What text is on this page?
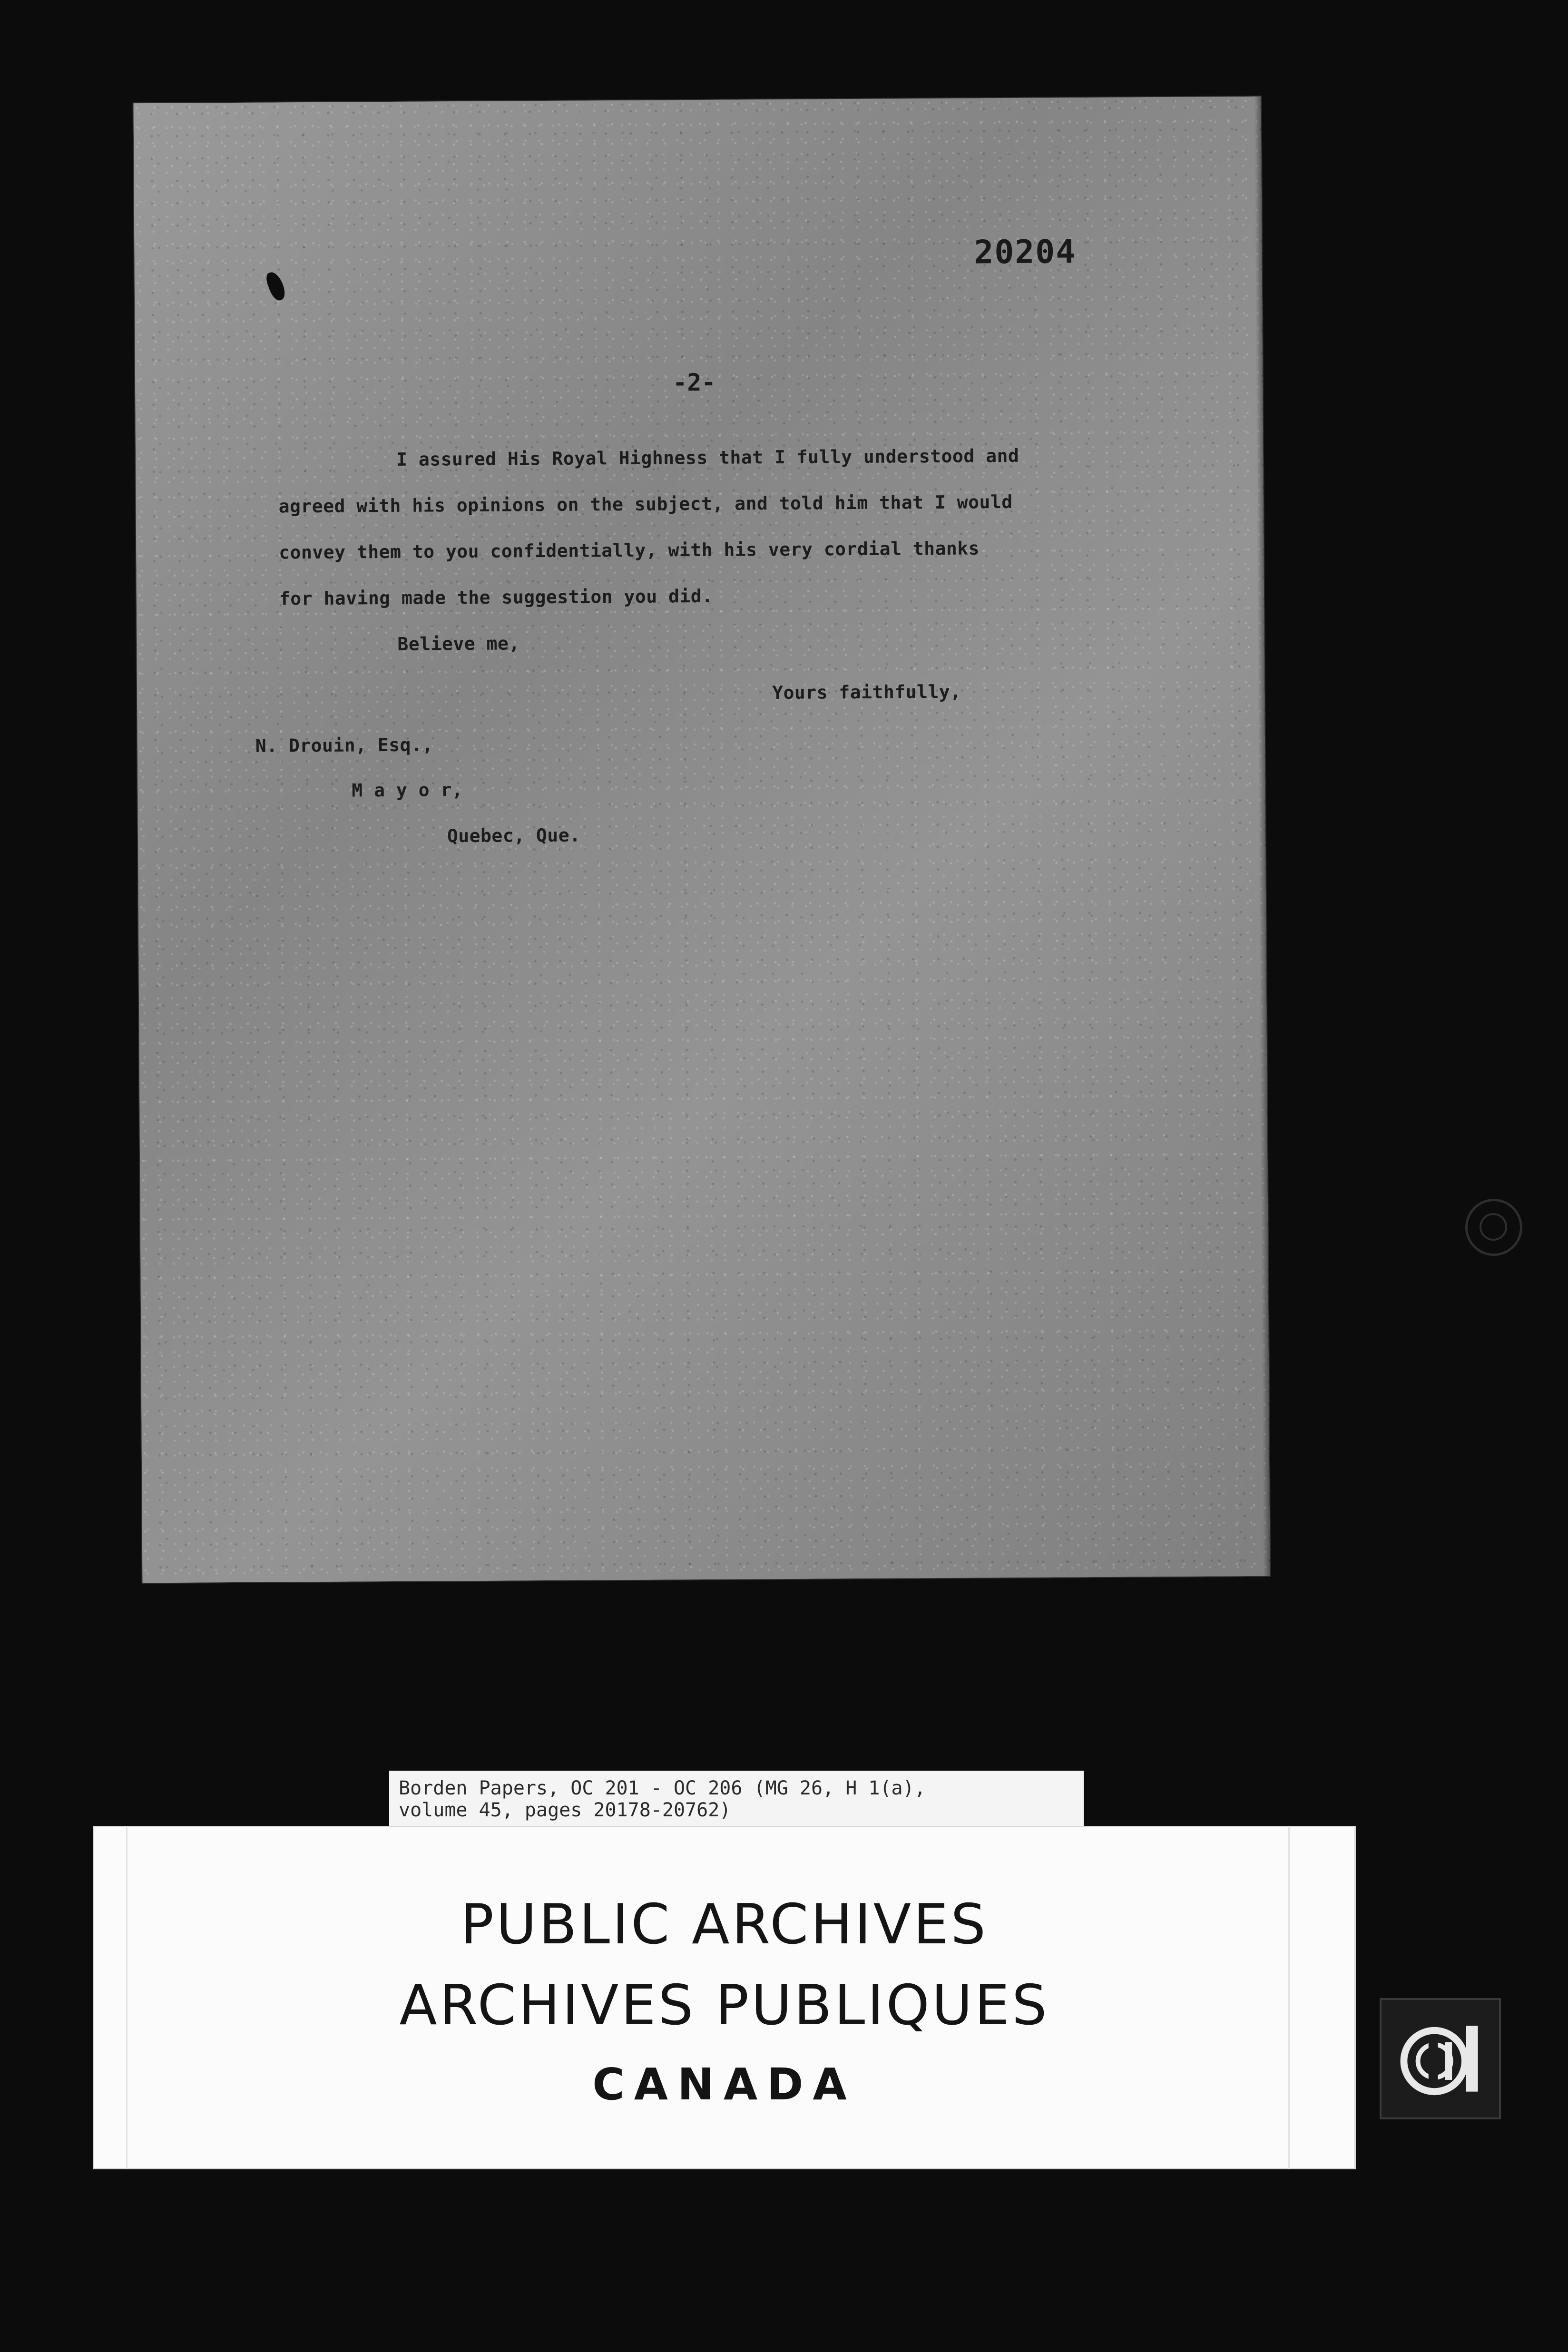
20204
-2-
I assured His Royal Highness that I fully understood and
agreed with his opinions on the subject, and told him that I would
convey them to you confidentially, with his very cordial thanks
for having made the suggestion you did.
Believe me,
Yours faithfully,
N. Drouin, Esq.,
M a y o r,
Quebec, Que.
Borden Papers, OC 201 - OC 206 (MG 26, H 1(a),
volume 45, pages 20178-20762)
PUBLIC ARCHIVES
ARCHIVES PUBLIQUES
CANADA
